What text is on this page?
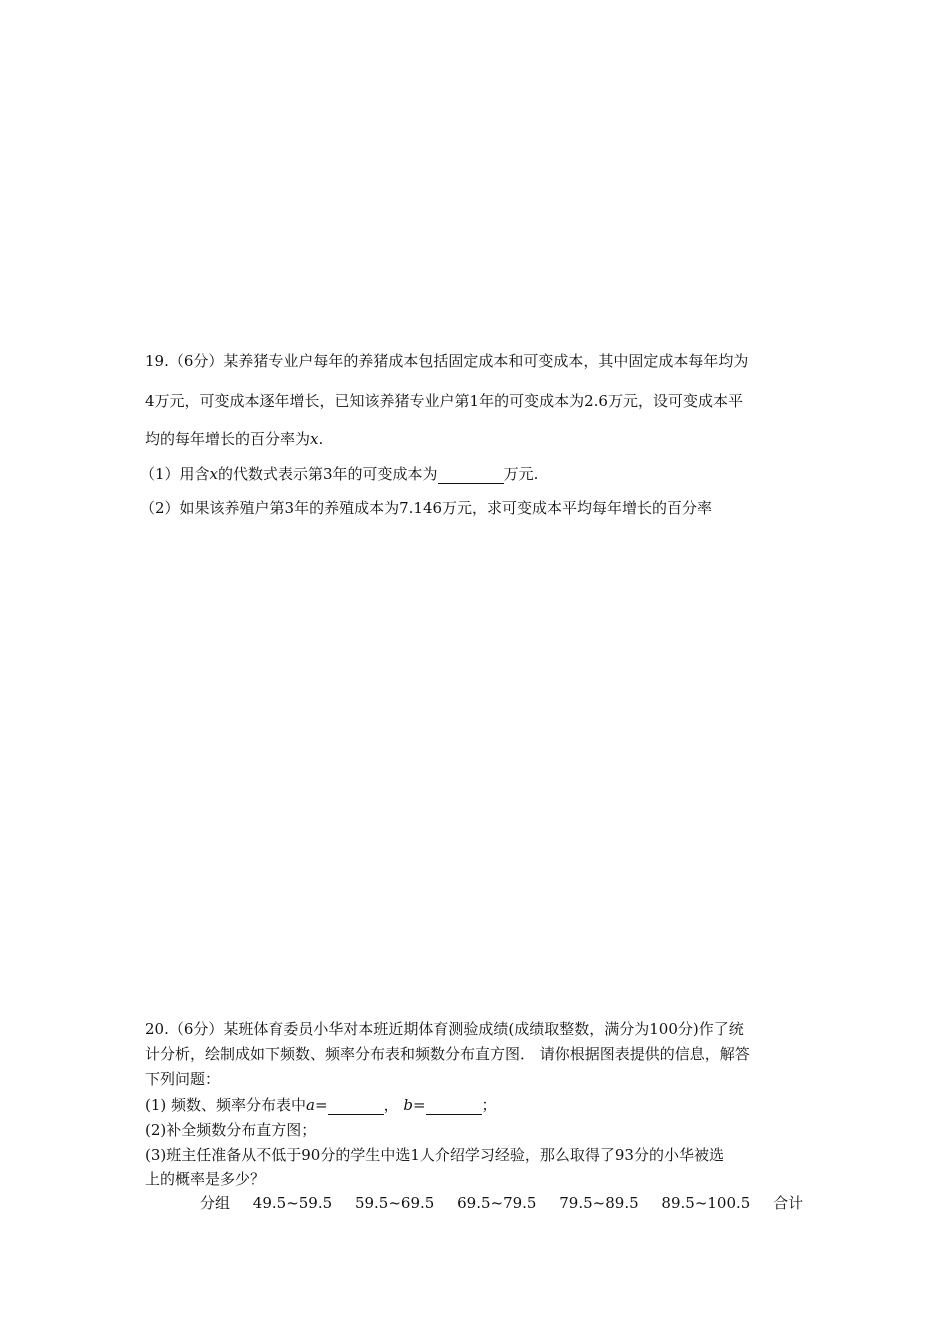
19.（6分）某养猪专业户每年的养猪成本包括固定成本和可变成本，其中固定成本每年均为
4万元，可变成本逐年增长，已知该养猪专业户第1年的可变成本为2.6万元，设可变成本平
均的每年增长的百分率为x.
（1）用含x的代数式表示第3年的可变成本为	万元.
（2）如果该养殖户第3年的养殖成本为7.146万元，求可变成本平均每年增长的百分率
20.（6分）某班体育委员小华对本班近期体育测验成绩(成绩取整数，满分为100分)作了统
计分析，绘制成如下频数、频率分布表和频数分布直方图． 请你根据图表提供的信息，解答
下列问题：
(1) 频数、频率分布表中a=	， b=	；
(2)补全频数分布直方图；
(3)班主任准备从不低于90分的学生中选1人介绍学习经验，那么取得了93分的小华被选
上的概率是多少？
分组 49.5~59.5 59.5~69.5 69.5~79.5 79.5~89.5 89.5~100.5 合计
